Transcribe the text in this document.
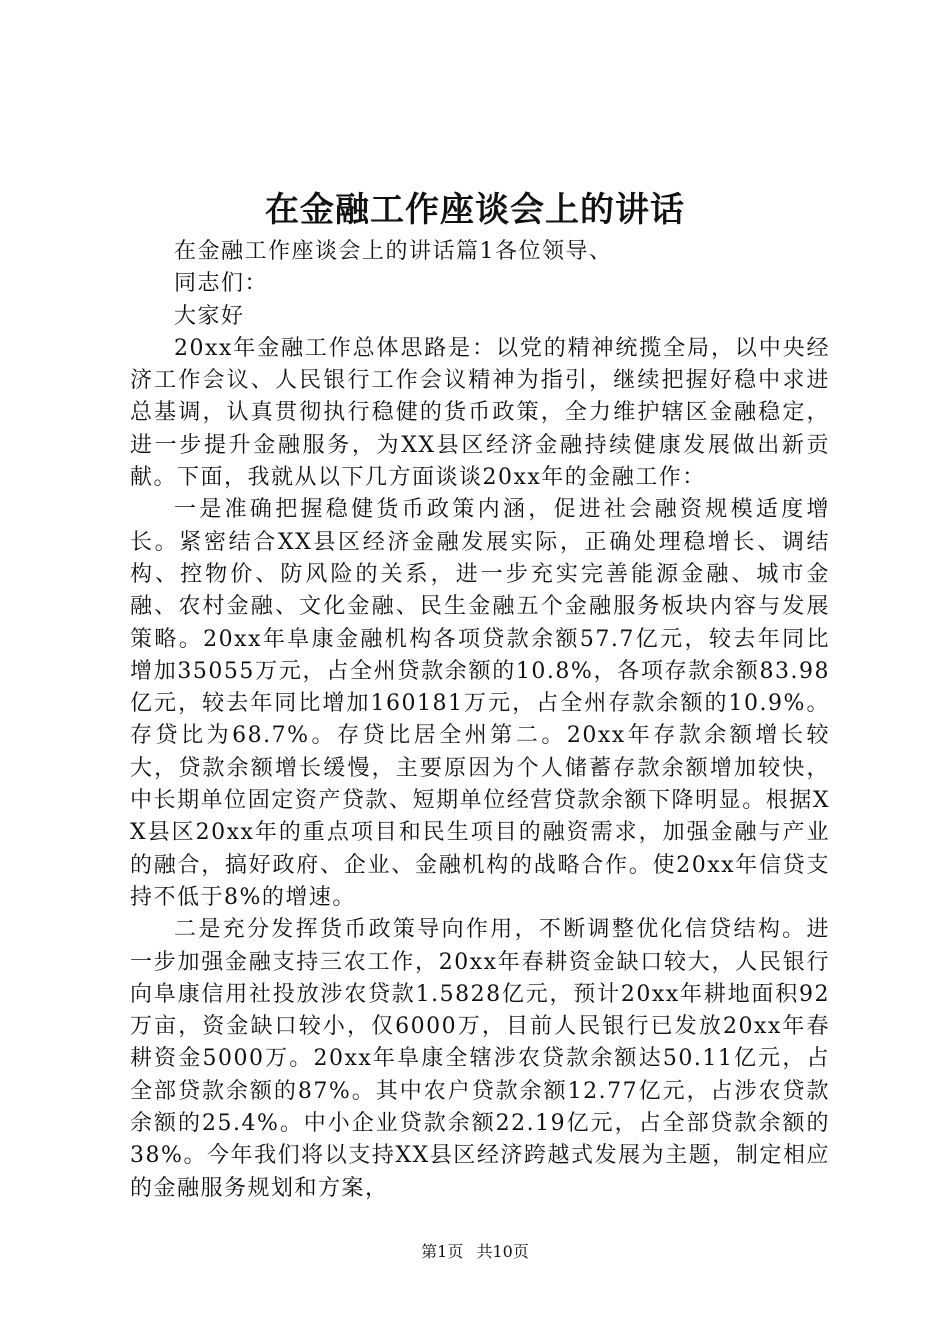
在金融工作座谈会上的讲话

在金融工作座谈会上的讲话篇1各位领导、

同志们：

大家好

20xx年金融工作总体思路是：以党的精神统揽全局，以中央经济工作会议、人民银行工作会议精神为指引，继续把握好稳中求进总基调，认真贯彻执行稳健的货币政策，全力维护辖区金融稳定，进一步提升金融服务，为XX县区经济金融持续健康发展做出新贡献。下面，我就从以下几方面谈谈20xx年的金融工作：

一是准确把握稳健货币政策内涵，促进社会融资规模适度增长。紧密结合XX县区经济金融发展实际，正确处理稳增长、调结构、控物价、防风险的关系，进一步充实完善能源金融、城市金融、农村金融、文化金融、民生金融五个金融服务板块内容与发展策略。20xx年阜康金融机构各项贷款余额57.7亿元，较去年同比增加35055万元，占全州贷款余额的10.8%，各项存款余额83.98亿元，较去年同比增加160181万元，占全州存款余额的10.9%。存贷比为68.7%。存贷比居全州第二。20xx年存款余额增长较大，贷款余额增长缓慢，主要原因为个人储蓄存款余额增加较快，中长期单位固定资产贷款、短期单位经营贷款余额下降明显。根据XX县区20xx年的重点项目和民生项目的融资需求，加强金融与产业的融合，搞好政府、企业、金融机构的战略合作。使20xx年信贷支持不低于8%的增速。

二是充分发挥货币政策导向作用，不断调整优化信贷结构。进一步加强金融支持三农工作，20xx年春耕资金缺口较大，人民银行向阜康信用社投放涉农贷款1.5828亿元，预计20xx年耕地面积92万亩，资金缺口较小，仅6000万，目前人民银行已发放20xx年春耕资金5000万。20xx年阜康全辖涉农贷款余额达50.11亿元，占全部贷款余额的87%。其中农户贷款余额12.77亿元，占涉农贷款余额的25.4%。中小企业贷款余额22.19亿元，占全部贷款余额的38%。今年我们将以支持XX县区经济跨越式发展为主题，制定相应的金融服务规划和方案，

第1页 共10页
